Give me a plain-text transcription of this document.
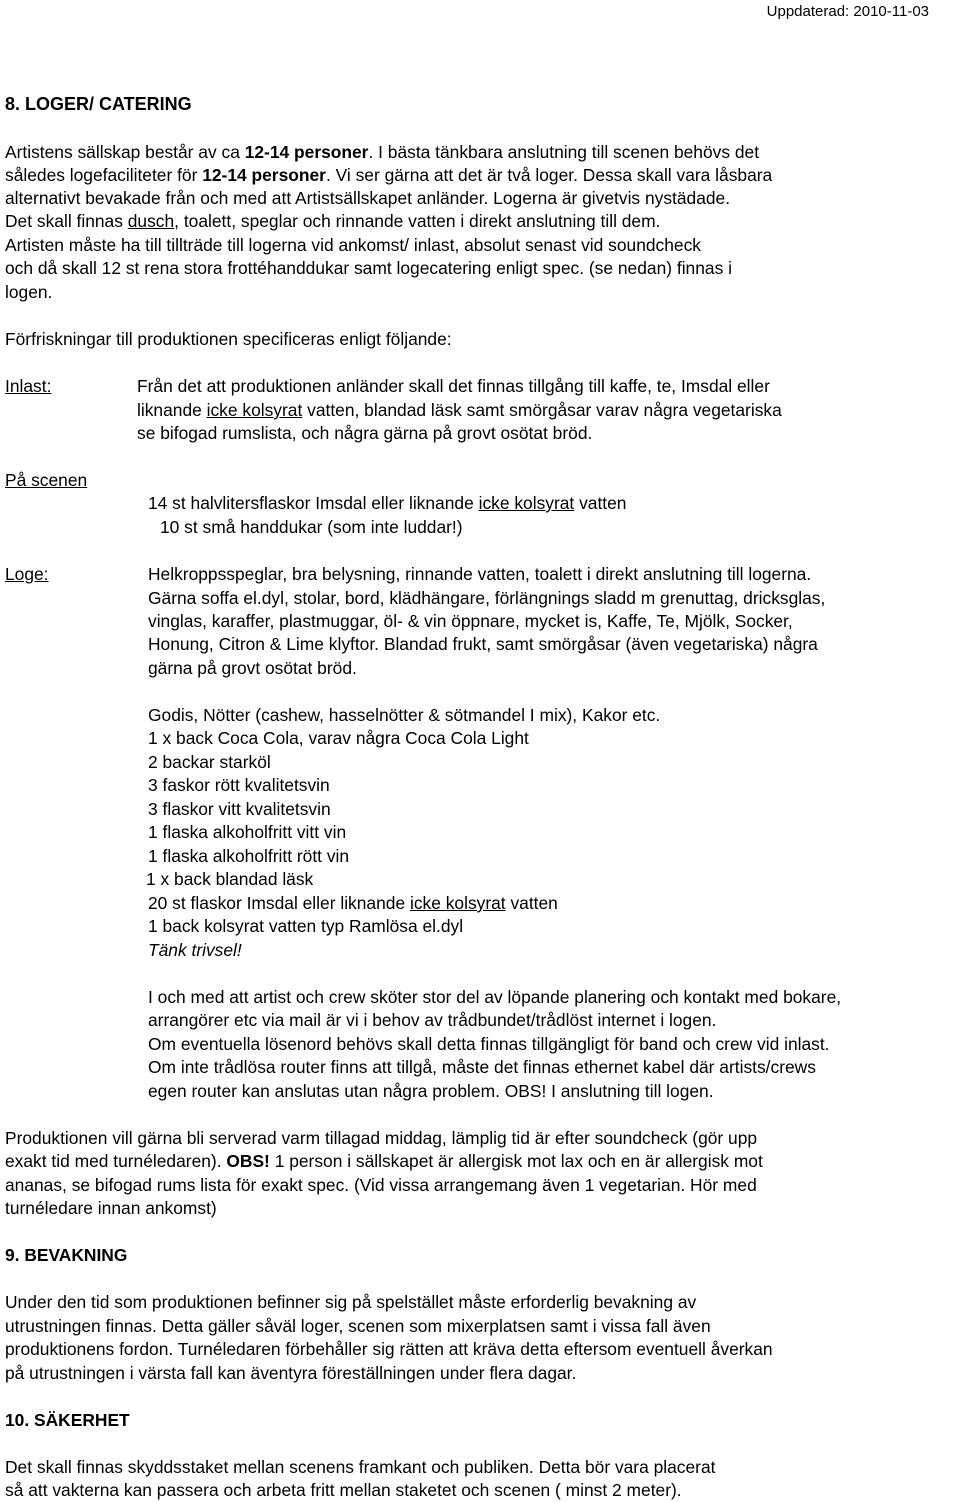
Uppdaterad: 2010-11-03
8. LOGER/ CATERING
Artistens sällskap består av ca 12-14 personer. I bästa tänkbara anslutning till scenen behövs det
således logefaciliteter för 12-14 personer. Vi ser gärna att det är två loger. Dessa skall vara låsbara
alternativt bevakade från och med att Artistsällskapet anländer. Logerna är givetvis nystädade.
Det skall finnas dusch, toalett, speglar och rinnande vatten i direkt anslutning till dem.
Artisten måste ha till tillträde till logerna vid ankomst/ inlast, absolut senast vid soundcheck
och då skall 12 st rena stora frottéhanddukar samt logecatering enligt spec. (se nedan) finnas i
logen.
Förfriskningar till produktionen specificeras enligt följande:
Inlast:	Från det att produktionen anländer skall det finnas tillgång till kaffe, te, Imsdal eller
liknande icke kolsyrat vatten, blandad läsk samt smörgåsar varav några vegetariska
se bifogad rumslista, och några gärna på grovt osötat bröd.
På scenen
14 st halvlitersflaskor Imsdal eller liknande icke kolsyrat vatten
10 st små handdukar (som inte luddar!)
Loge:	Helkroppsspeglar, bra belysning, rinnande vatten, toalett i direkt anslutning till logerna.
Gärna soffa el.dyl, stolar, bord, klädhängare, förlängnings sladd m grenuttag, dricksglas,
vinglas, karaffer, plastmuggar, öl- & vin öppnare, mycket is, Kaffe, Te, Mjölk, Socker,
Honung, Citron & Lime klyftor. Blandad frukt, samt smörgåsar (även vegetariska) några
gärna på grovt osötat bröd.
Godis, Nötter (cashew, hasselnötter & sötmandel I mix), Kakor etc.
1 x back Coca Cola, varav några Coca Cola Light
2 backar starköl
3 faskor rött kvalitetsvin
3 flaskor vitt kvalitetsvin
1 flaska alkoholfritt vitt vin
1 flaska alkoholfritt rött vin
1 x back blandad läsk
20 st flaskor Imsdal eller liknande icke kolsyrat vatten
1 back kolsyrat vatten typ Ramlösa el.dyl
Tänk trivsel!
I och med att artist och crew sköter stor del av löpande planering och kontakt med bokare,
arrangörer etc via mail är vi i behov av trådbundet/trådlöst internet i logen.
Om eventuella lösenord behövs skall detta finnas tillgängligt för band och crew vid inlast.
Om inte trådlösa router finns att tillgå, måste det finnas ethernet kabel där artists/crews
egen router kan anslutas utan några problem. OBS! I anslutning till logen.
Produktionen vill gärna bli serverad varm tillagad middag, lämplig tid är efter soundcheck (gör upp
exakt tid med turnéledaren). OBS! 1 person i sällskapet är allergisk mot lax och en är allergisk mot
ananas, se bifogad rums lista för exakt spec. (Vid vissa arrangemang även 1 vegetarian. Hör med
turnéledare innan ankomst)
9. BEVAKNING
Under den tid som produktionen befinner sig på spelstället måste erforderlig bevakning av
utrustningen finnas. Detta gäller såväl loger, scenen som mixerplatsen samt i vissa fall även
produktionens fordon. Turnéledaren förbehåller sig rätten att kräva detta eftersom eventuell åverkan
på utrustningen i värsta fall kan äventyra föreställningen under flera dagar.
10. SÄKERHET
Det skall finnas skyddsstaket mellan scenens framkant och publiken. Detta bör vara placerat
så att vakterna kan passera och arbeta fritt mellan staketet och scenen ( minst 2 meter).
